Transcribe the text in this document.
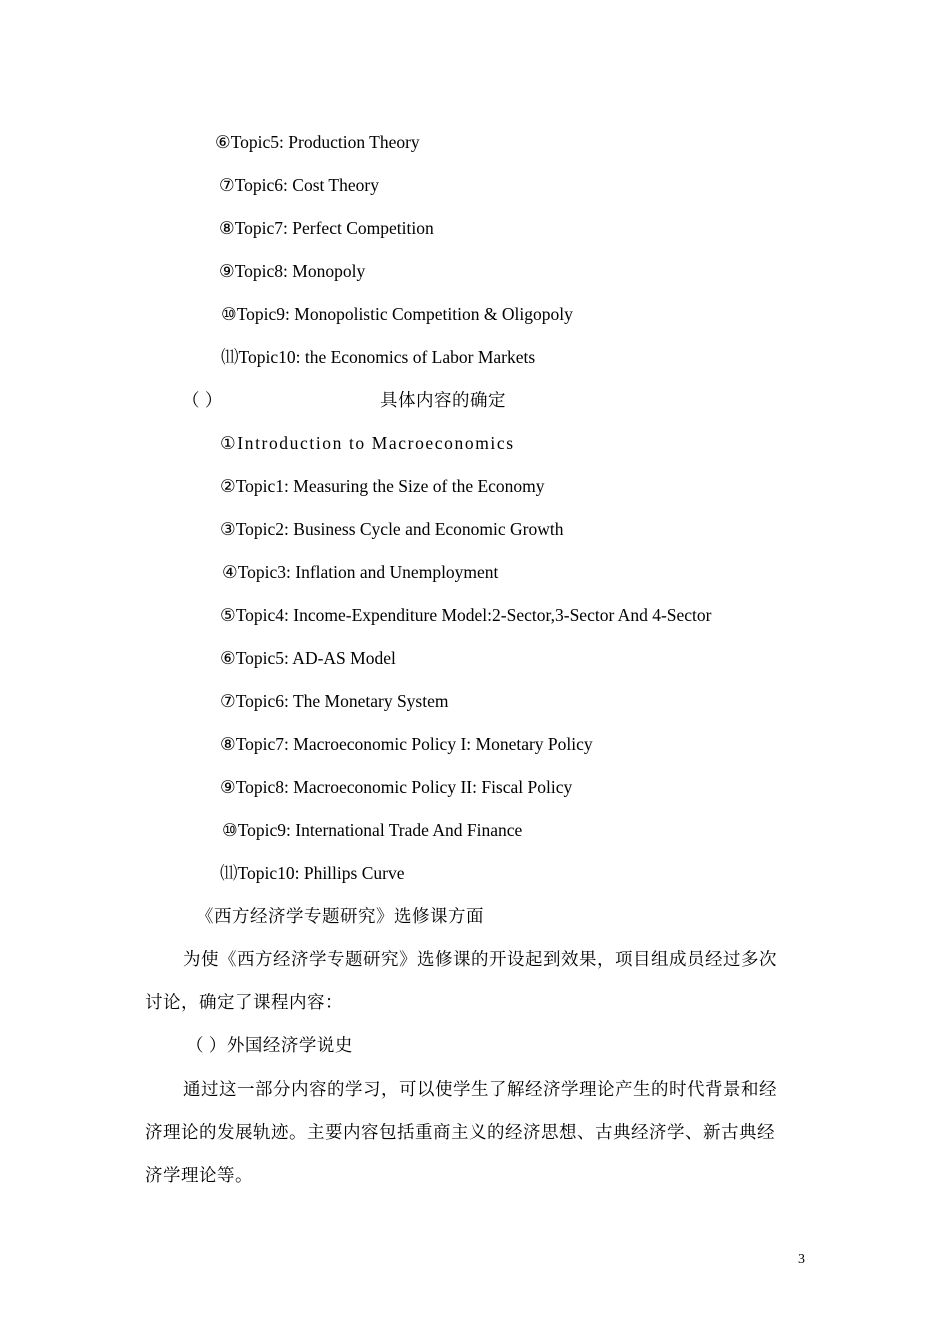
⑥Topic5: Production Theory
⑦Topic6: Cost Theory
⑧Topic7: Perfect Competition
⑨Topic8: Monopoly
⑩Topic9: Monopolistic Competition & Oligopoly
⑾Topic10: the Economics of Labor Markets
（ ）	具体内容的确定
①Introduction to Macroeconomics
②Topic1: Measuring the Size of the Economy
③Topic2: Business Cycle and Economic Growth
④Topic3: Inflation and Unemployment
⑤Topic4: Income-Expenditure Model:2-Sector,3-Sector And 4-Sector
⑥Topic5: AD-AS Model
⑦Topic6: The Monetary System
⑧Topic7: Macroeconomic Policy I: Monetary Policy
⑨Topic8: Macroeconomic Policy II: Fiscal Policy
⑩Topic9: International Trade And Finance
⑾Topic10: Phillips Curve
《西方经济学专题研究》选修课方面
为使《西方经济学专题研究》选修课的开设起到效果，项目组成员经过多次
讨论，确定了课程内容：
（ ）外国经济学说史
通过这一部分内容的学习，可以使学生了解经济学理论产生的时代背景和经
济理论的发展轨迹。主要内容包括重商主义的经济思想、古典经济学、新古典经
济学理论等。
3
